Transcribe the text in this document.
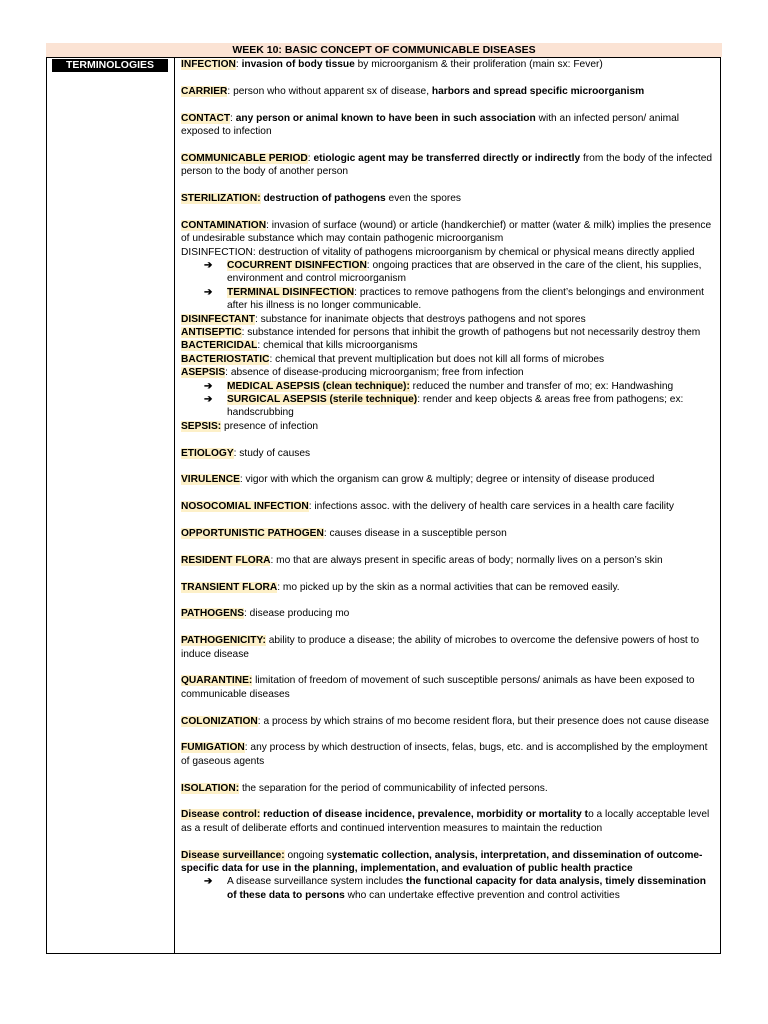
WEEK 10: BASIC CONCEPT OF COMMUNICABLE DISEASES
TERMINOLOGIES	INFECTION: invasion of body tissue by microorganism & their proliferation (main sx: Fever)

CARRIER: person who without apparent sx of disease, harbors and spread specific microorganism

CONTACT: any person or animal known to have been in such association with an infected person/ animal exposed to infection

COMMUNICABLE PERIOD: etiologic agent may be transferred directly or indirectly from the body of the infected person to the body of another person

STERILIZATION: destruction of pathogens even the spores

CONTAMINATION: invasion of surface (wound) or article (handkerchief) or matter (water & milk) implies the presence of undesirable substance which may contain pathogenic microorganism

DISINFECTION: destruction of vitality of pathogens microorganism by chemical or physical means directly applied

➔ COCURRENT DISINFECTION: ongoing practices that are observed in the care of the client, his supplies, environment and control microorganism

➔ TERMINAL DISINFECTION: practices to remove pathogens from the client’s belongings and environment after his illness is no longer communicable.

DISINFECTANT: substance for inanimate objects that destroys pathogens and not spores

ANTISEPTIC: substance intended for persons that inhibit the growth of pathogens but not necessarily destroy them

BACTERICIDAL: chemical that kills microorganisms

BACTERIOSTATIC: chemical that prevent multiplication but does not kill all forms of microbes

ASEPSIS: absence of disease-producing microorganism; free from infection

➔ MEDICAL ASEPSIS (clean technique): reduced the number and transfer of mo; ex: Handwashing

➔ SURGICAL ASEPSIS (sterile technique): render and keep objects & areas free from pathogens; ex: handscrubbing

SEPSIS: presence of infection

ETIOLOGY: study of causes

VIRULENCE: vigor with which the organism can grow & multiply; degree or intensity of disease produced

NOSOCOMIAL INFECTION: infections assoc. with the delivery of health care services in a health care facility

OPPORTUNISTIC PATHOGEN: causes disease in a susceptible person

RESIDENT FLORA: mo that are always present in specific areas of body; normally lives on a person’s skin

TRANSIENT FLORA: mo picked up by the skin as a normal activities that can be removed easily.

PATHOGENS: disease producing mo

PATHOGENICITY: ability to produce a disease; the ability of microbes to overcome the defensive powers of host to induce disease

QUARANTINE: limitation of freedom of movement of such susceptible persons/ animals as have been exposed to communicable diseases

COLONIZATION: a process by which strains of mo become resident flora, but their presence does not cause disease

FUMIGATION: any process by which destruction of insects, felas, bugs, etc. and is accomplished by the employment of gaseous agents

ISOLATION: the separation for the period of communicability of infected persons.

Disease control: reduction of disease incidence, prevalence, morbidity or mortality to a locally acceptable level as a result of deliberate efforts and continued intervention measures to maintain the reduction

Disease surveillance: ongoing systematic collection, analysis, interpretation, and dissemination of outcome-specific data for use in the planning, implementation, and evaluation of public health practice

➔ A disease surveillance system includes the functional capacity for data analysis, timely dissemination of these data to persons who can undertake effective prevention and control activities
